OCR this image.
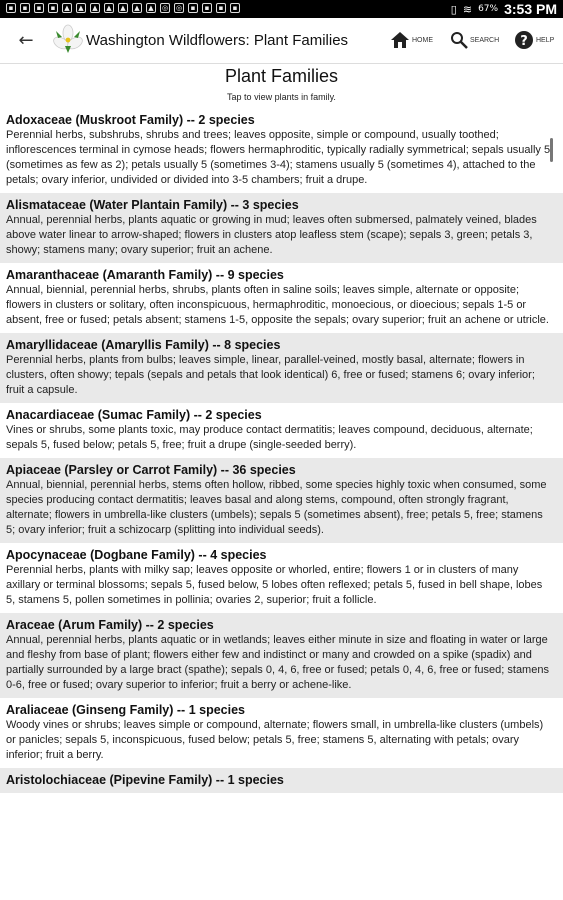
▪	▪	▪	▪	▲	▲	▲	▲	▲	▲	▲	◎ ◎	▪	▪	▪	▪	▯ ≋ 67% 3:53 PM
←	Washington Wildflowers: Plant Families	HOME	SEARCH ? HELP
Plant Families
Tap to view plants in family.
Adoxaceae (Muskroot Family) -- 2 species
Perennial herbs, subshrubs, shrubs and trees; leaves opposite, simple or compound, usually toothed; inflorescences terminal in cymose heads; flowers hermaphroditic, typically radially symmetrical; sepals usually 5 (sometimes as few as 2); petals usually 5 (sometimes 3-4); stamens usually 5 (sometimes 4), attached to the petals; ovary inferior, undivided or divided into 3-5 chambers; fruit a drupe.
Alismataceae (Water Plantain Family) -- 3 species
Annual, perennial herbs, plants aquatic or growing in mud; leaves often submersed, palmately veined, blades above water linear to arrow-shaped; flowers in clusters atop leafless stem (scape); sepals 3, green; petals 3, showy; stamens many; ovary superior; fruit an achene.
Amaranthaceae (Amaranth Family) -- 9 species
Annual, biennial, perennial herbs, shrubs, plants often in saline soils; leaves simple, alternate or opposite; flowers in clusters or solitary, often inconspicuous, hermaphroditic, monoecious, or dioecious; sepals 1-5 or absent, free or fused; petals absent; stamens 1-5, opposite the sepals; ovary superior; fruit an achene or utricle.
Amaryllidaceae (Amaryllis Family) -- 8 species
Perennial herbs, plants from bulbs; leaves simple, linear, parallel-veined, mostly basal, alternate; flowers in clusters, often showy; tepals (sepals and petals that look identical) 6, free or fused; stamens 6; ovary inferior; fruit a capsule.
Anacardiaceae (Sumac Family) -- 2 species
Vines or shrubs, some plants toxic, may produce contact dermatitis; leaves compound, deciduous, alternate; sepals 5, fused below; petals 5, free; fruit a drupe (single-seeded berry).
Apiaceae (Parsley or Carrot Family) -- 36 species
Annual, biennial, perennial herbs, stems often hollow, ribbed, some species highly toxic when consumed, some species producing contact dermatitis; leaves basal and along stems, compound, often strongly fragrant, alternate; flowers in umbrella-like clusters (umbels); sepals 5 (sometimes absent), free; petals 5, free; stamens 5; ovary inferior; fruit a schizocarp (splitting into individual seeds).
Apocynaceae (Dogbane Family) -- 4 species
Perennial herbs, plants with milky sap; leaves opposite or whorled, entire; flowers 1 or in clusters of many axillary or terminal blossoms; sepals 5, fused below, 5 lobes often reflexed; petals 5, fused in bell shape, lobes 5, stamens 5, pollen sometimes in pollinia; ovaries 2, superior; fruit a follicle.
Araceae (Arum Family) -- 2 species
Annual, perennial herbs, plants aquatic or in wetlands; leaves either minute in size and floating in water or large and fleshy from base of plant; flowers either few and indistinct or many and crowded on a spike (spadix) and partially surrounded by a large bract (spathe); sepals 0, 4, 6, free or fused; petals 0, 4, 6, free or fused; stamens 0-6, free or fused; ovary superior to inferior; fruit a berry or achene-like.
Araliaceae (Ginseng Family) -- 1 species
Woody vines or shrubs; leaves simple or compound, alternate; flowers small, in umbrella-like clusters (umbels) or panicles; sepals 5, inconspicuous, fused below; petals 5, free; stamens 5, alternating with petals; ovary inferior; fruit a berry.
Aristolochiaceae (Pipevine Family) -- 1 species
